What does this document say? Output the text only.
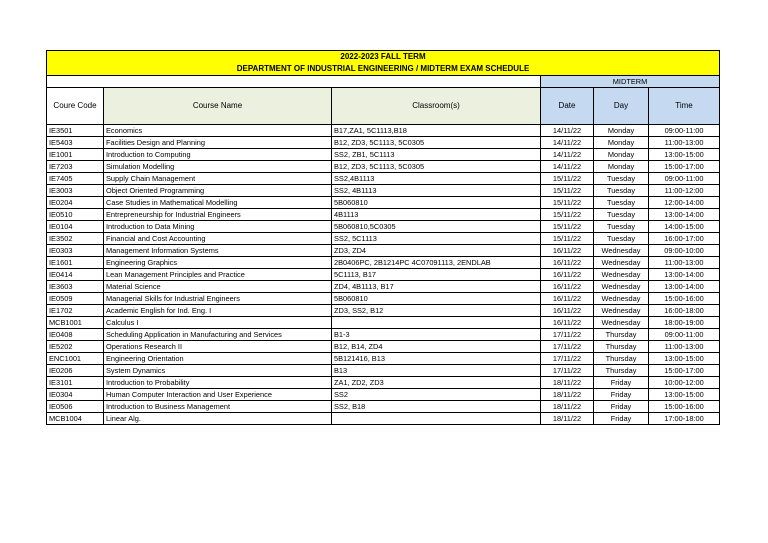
2022-2023 FALL TERM					
DEPARTMENT OF INDUSTRIAL ENGINEERING / MIDTERM EXAM SCHEDULE					
			MIDTERM		
Coure Code	Course Name	Classroom(s)	Date	Day	Time
IE3501	Economics	B17,ZA1, 5C1113,B18	14/11/22	Monday	09:00-11:00
IE5403	Facilities Design and Planning	B12, ZD3, 5C1113, 5C0305	14/11/22	Monday	11:00-13:00
IE1001	Introduction to Computing	SS2, ZB1, 5C1113	14/11/22	Monday	13:00-15:00
IE7203	Simulation Modelling	B12, ZD3, 5C1113, 5C0305	14/11/22	Monday	15:00-17:00
IE7405	Supply Chain Management	SS2,4B1113	15/11/22	Tuesday	09:00-11:00
IE3003	Object Oriented Programming	SS2, 4B1113	15/11/22	Tuesday	11:00-12:00
IE0204	Case Studies in Mathematical Modelling	5B060810	15/11/22	Tuesday	12:00-14:00
IE0510	Entrepreneurship for Industrial Engineers	4B1113	15/11/22	Tuesday	13:00-14:00
IE0104	Introduction to Data Mining	5B060810,5C0305	15/11/22	Tuesday	14:00-15:00
IE3502	Financial and Cost Accounting	SS2, 5C1113	15/11/22	Tuesday	16:00-17:00
IE0303	Management Information Systems	ZD3, ZD4	16/11/22	Wednesday	09:00-10:00
IE1601	Engineering Graphics	2B0406PC, 2B1214PC 4C07091113, 2ENDLAB	16/11/22	Wednesday	11:00-13:00
IE0414	Lean Management Principles and Practice	5C1113, B17	16/11/22	Wednesday	13:00-14:00
IE3603	Material Science	ZD4, 4B1113, B17	16/11/22	Wednesday	13:00-14:00
IE0509	Managerial Skills for Industrial Engineers	5B060810	16/11/22	Wednesday	15:00-16:00
IE1702	Academic English for Ind. Eng. I	ZD3, SS2, B12	16/11/22	Wednesday	16:00-18:00
MCB1001	Calculus I		16/11/22	Wednesday	18:00-19:00
IE0408	Scheduling Application in Manufacturing and Services	B1-3	17/11/22	Thursday	09:00-11:00
IE5202	Operations Research II	B12, B14, ZD4	17/11/22	Thursday	11:00-13:00
ENC1001	Engineering Orientation	5B121416, B13	17/11/22	Thursday	13:00-15:00
IE0206	System Dynamics	B13	17/11/22	Thursday	15:00-17:00
IE3101	Introduction to Probability	ZA1, ZD2, ZD3	18/11/22	Friday	10:00-12:00
IE0304	Human Computer Interaction and User Experience	SS2	18/11/22	Friday	13:00-15:00
IE0506	Introduction to Business Management	SS2, B18	18/11/22	Friday	15:00-16:00
MCB1004	Linear Alg.		18/11/22	Friday	17:00-18:00
